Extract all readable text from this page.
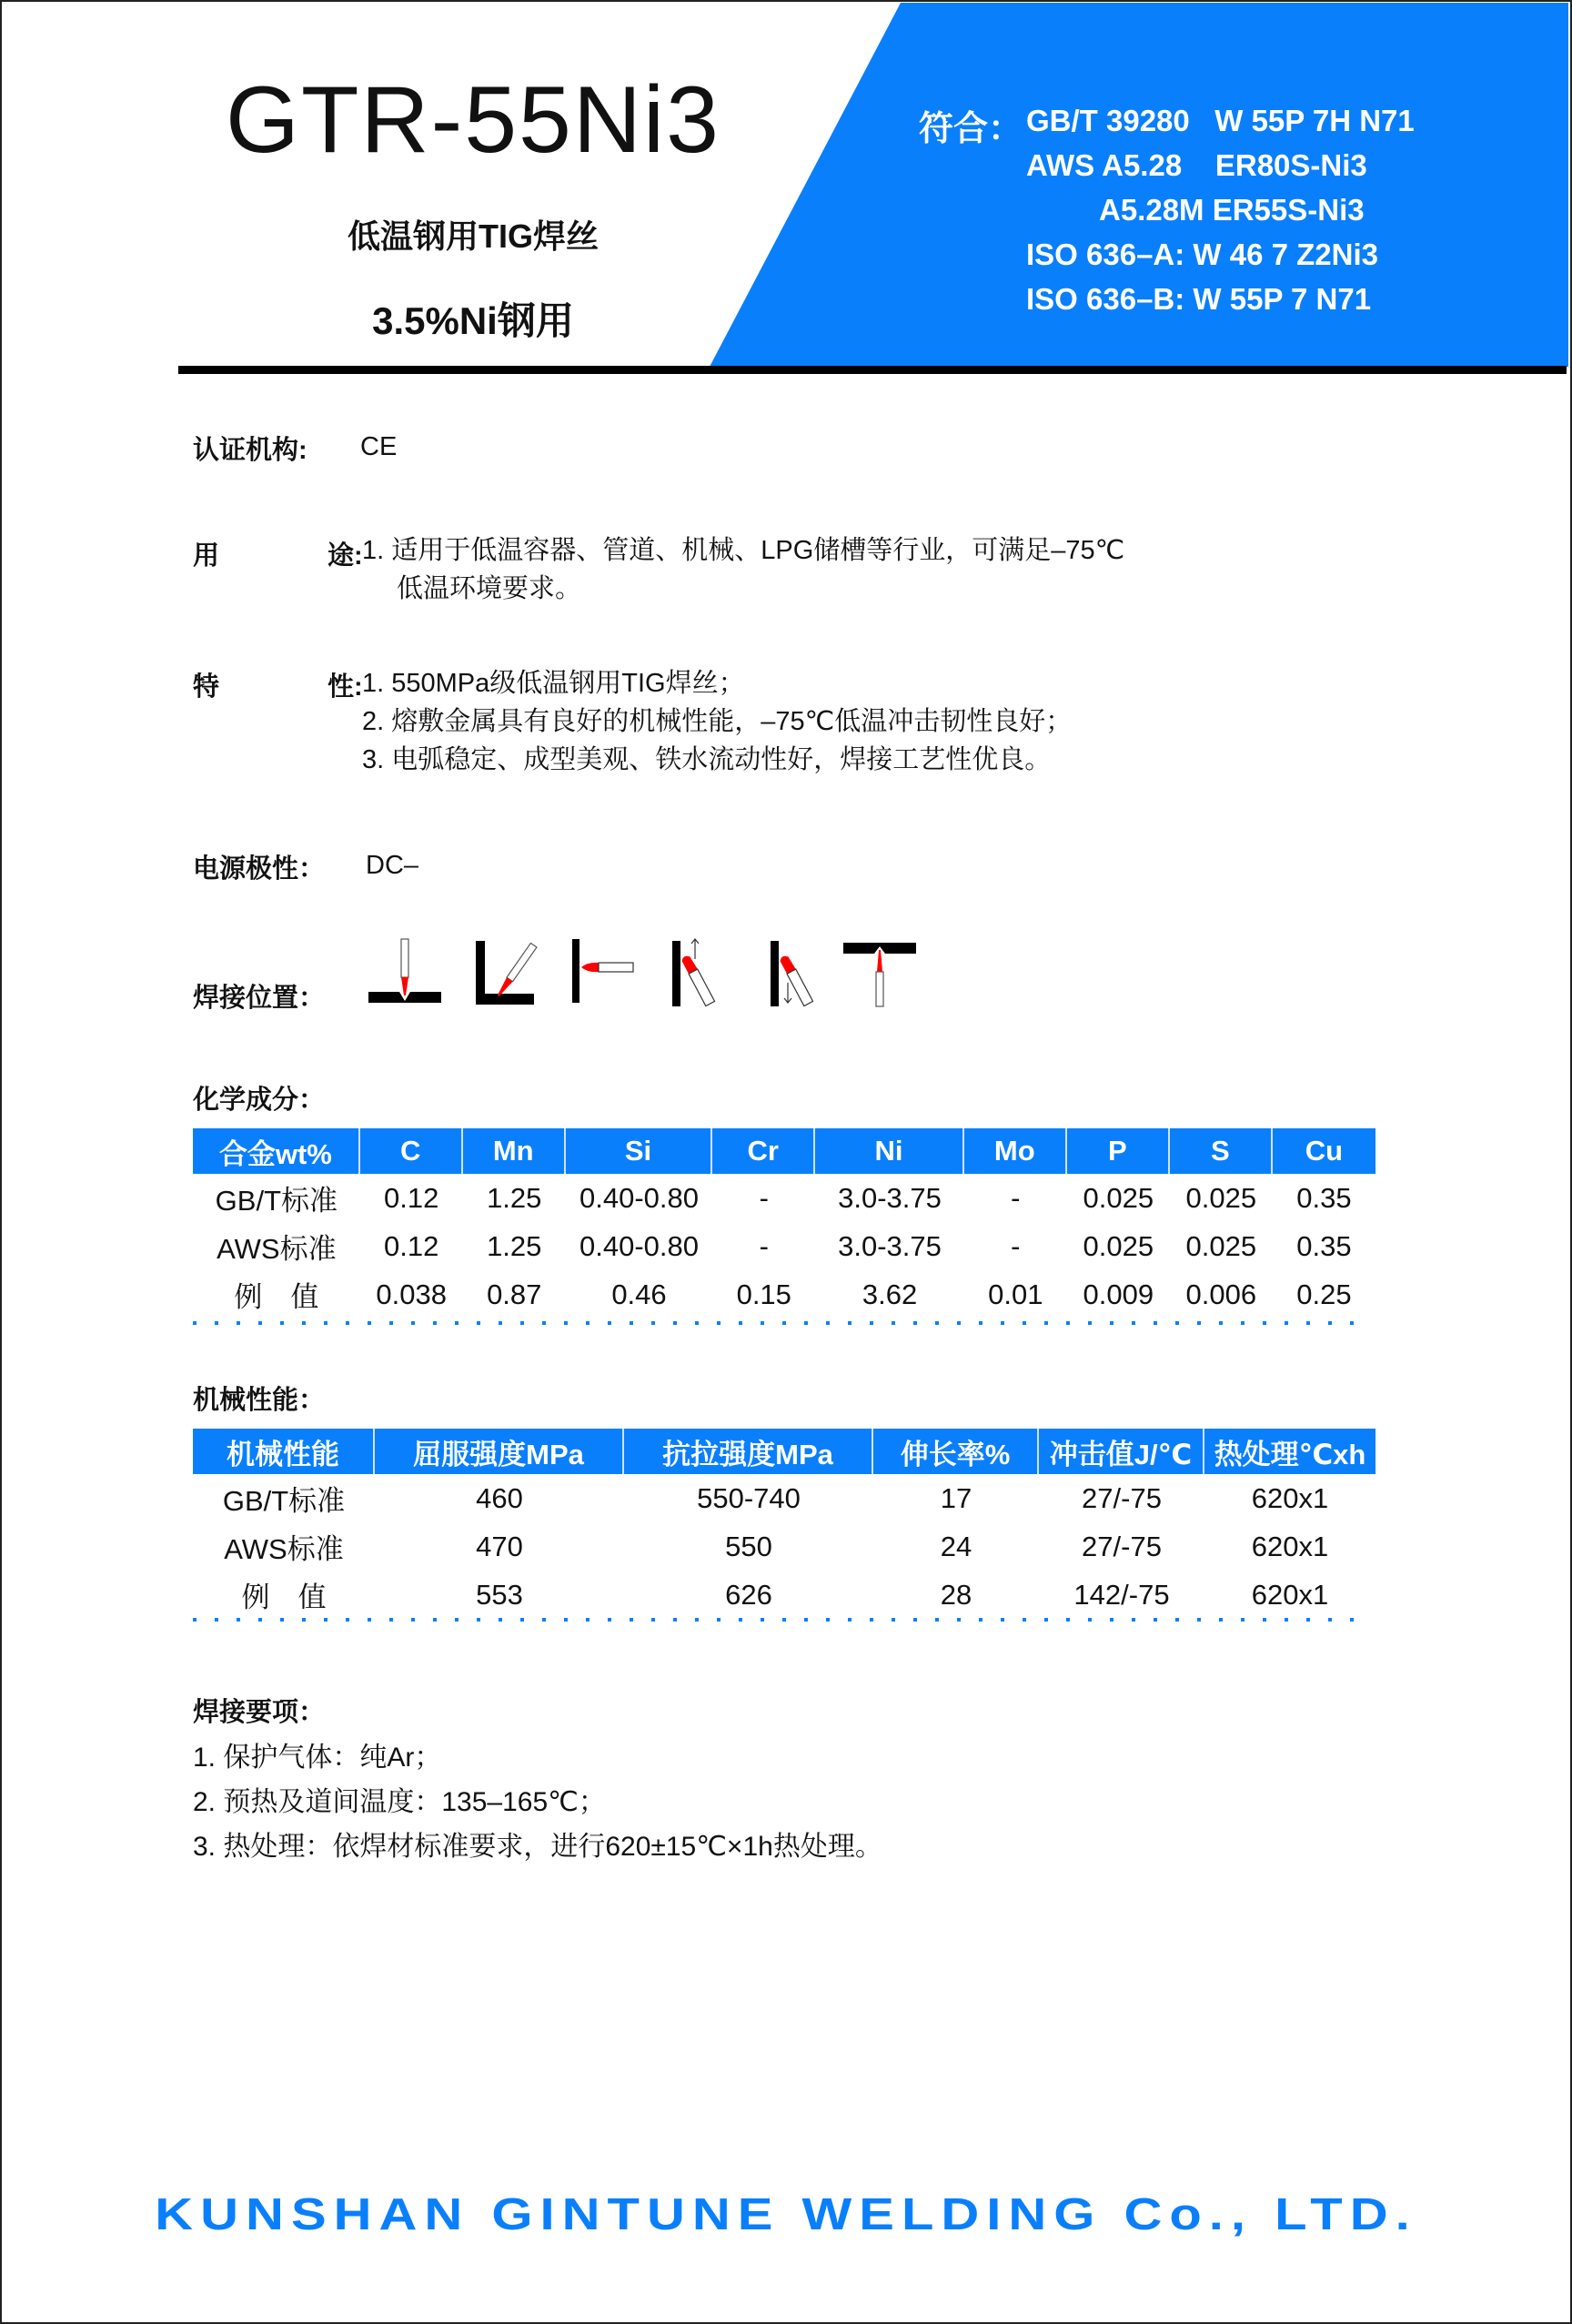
GTR-55Ni3
低温钢用TIG焊丝
3.5%Ni钢用
符合： GB/T 39280   W 55P 7H N71
AWS A5.28    ER80S-Ni3
A5.28M ER55S-Ni3
ISO 636–A: W 46 7 Z2Ni3
ISO 636–B: W 55P 7 N71
认证机构: CE
用	途: 1. 适用于低温容器、管道、机械、LPG储槽等行业，可满足–75℃
低温环境要求。
特	性: 1. 550MPa级低温钢用TIG焊丝；
2. 熔敷金属具有良好的机械性能，–75℃低温冲击韧性良好；
3. 电弧稳定、成型美观、铁水流动性好，焊接工艺性优良。
电源极性： DC–
焊接位置：
化学成分：
合金wt%	C	Mn	Si	Cr	Ni	Mo	P	S	Cu
GB/T标准	0.12	1.25	0.40-0.80	-	3.0-3.75	-	0.025	0.025	0.35
AWS标准	0.12	1.25	0.40-0.80	-	3.0-3.75	-	0.025	0.025	0.35
例　值	0.038	0.87	0.46	0.15	3.62	0.01	0.009	0.006	0.25
机械性能：
机械性能	屈服强度MPa	抗拉强度MPa	伸长率%	冲击值J/℃	热处理℃xh
GB/T标准	460	550-740	17	27/-75	620x1
AWS标准	470	550	24	27/-75	620x1
例　值	553	626	28	142/-75	620x1
焊接要项：
1. 保护气体：纯Ar；
2. 预热及道间温度：135–165℃；
3. 热处理：依焊材标准要求，进行620±15℃×1h热处理。
KUNSHAN GINTUNE WELDING Co., LTD.
